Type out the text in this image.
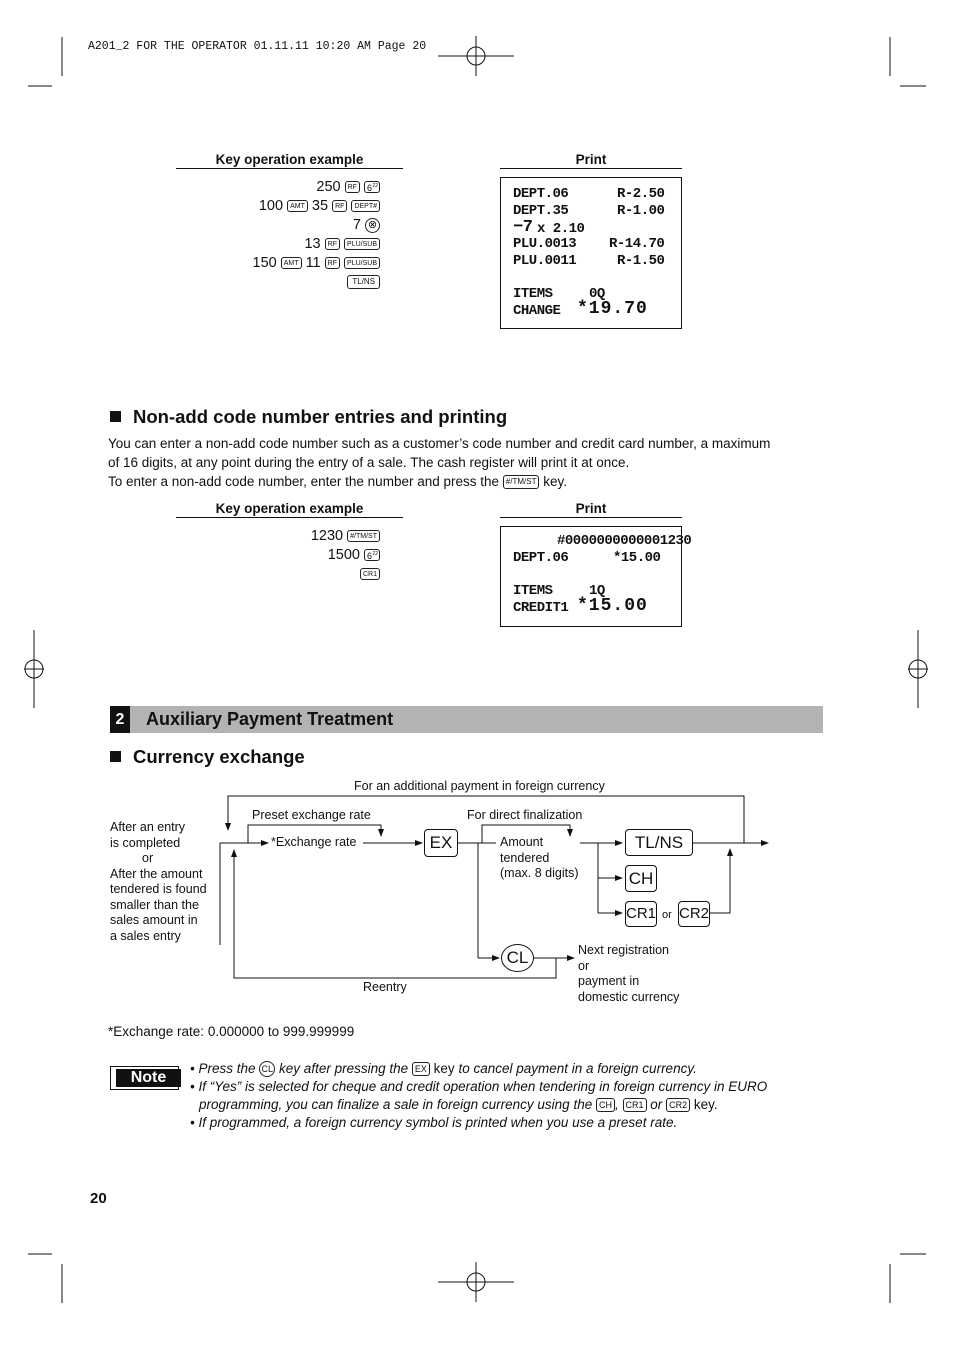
A201_2 FOR THE OPERATOR 01.11.11 10:20 AM Page 20
Key operation example	Print
250 RF 6 22
100 AMT 35 RF DEPT#
7 ⊗
13 RF PLU/SUB
150 AMT 11 RF PLU/SUB
TL/NS
DEPT.06	R-2.50
DEPT.35	R-1.00
−7 x 2.10
PLU.0013 R-14.70
PLU.0011	R-1.50
ITEMS	0Q
CHANGE *19.70
Non-add code number entries and printing
You can enter a non-add code number such as a customer’s code number and credit card number, a maximum
of 16 digits, at any point during the entry of a sale. The cash register will print it at once.
To enter a non-add code number, enter the number and press the #/TM/ST key.
Key operation example	Print
1230 #/TM/ST
1500 6 22
CR1
#0000000000001230
DEPT.06	*15.00
ITEMS	1Q
CREDIT1 *15.00
2	Auxiliary Payment Treatment
Currency exchange
For an additional payment in foreign currency
After an entry
is completed
or
After the amount
tendered is found
smaller than the
sales amount in
a sales entry
Preset exchange rate
*Exchange rate	EX
For direct finalization
Amount
tendered
(max. 8 digits)
TL/NS
CH
CR1 or CR2
CL	Next registration
or
payment in
domestic currency
Reentry
*Exchange rate: 0.000000 to 999.999999
Note
• Press the CL key after pressing the EX key to cancel payment in a foreign currency.
• If “Yes” is selected for cheque and credit operation when tendering in foreign currency in EURO
programming, you can finalize a sale in foreign currency using the CH , CR1 or CR2 key.
• If programmed, a foreign currency symbol is printed when you use a preset rate.
20
